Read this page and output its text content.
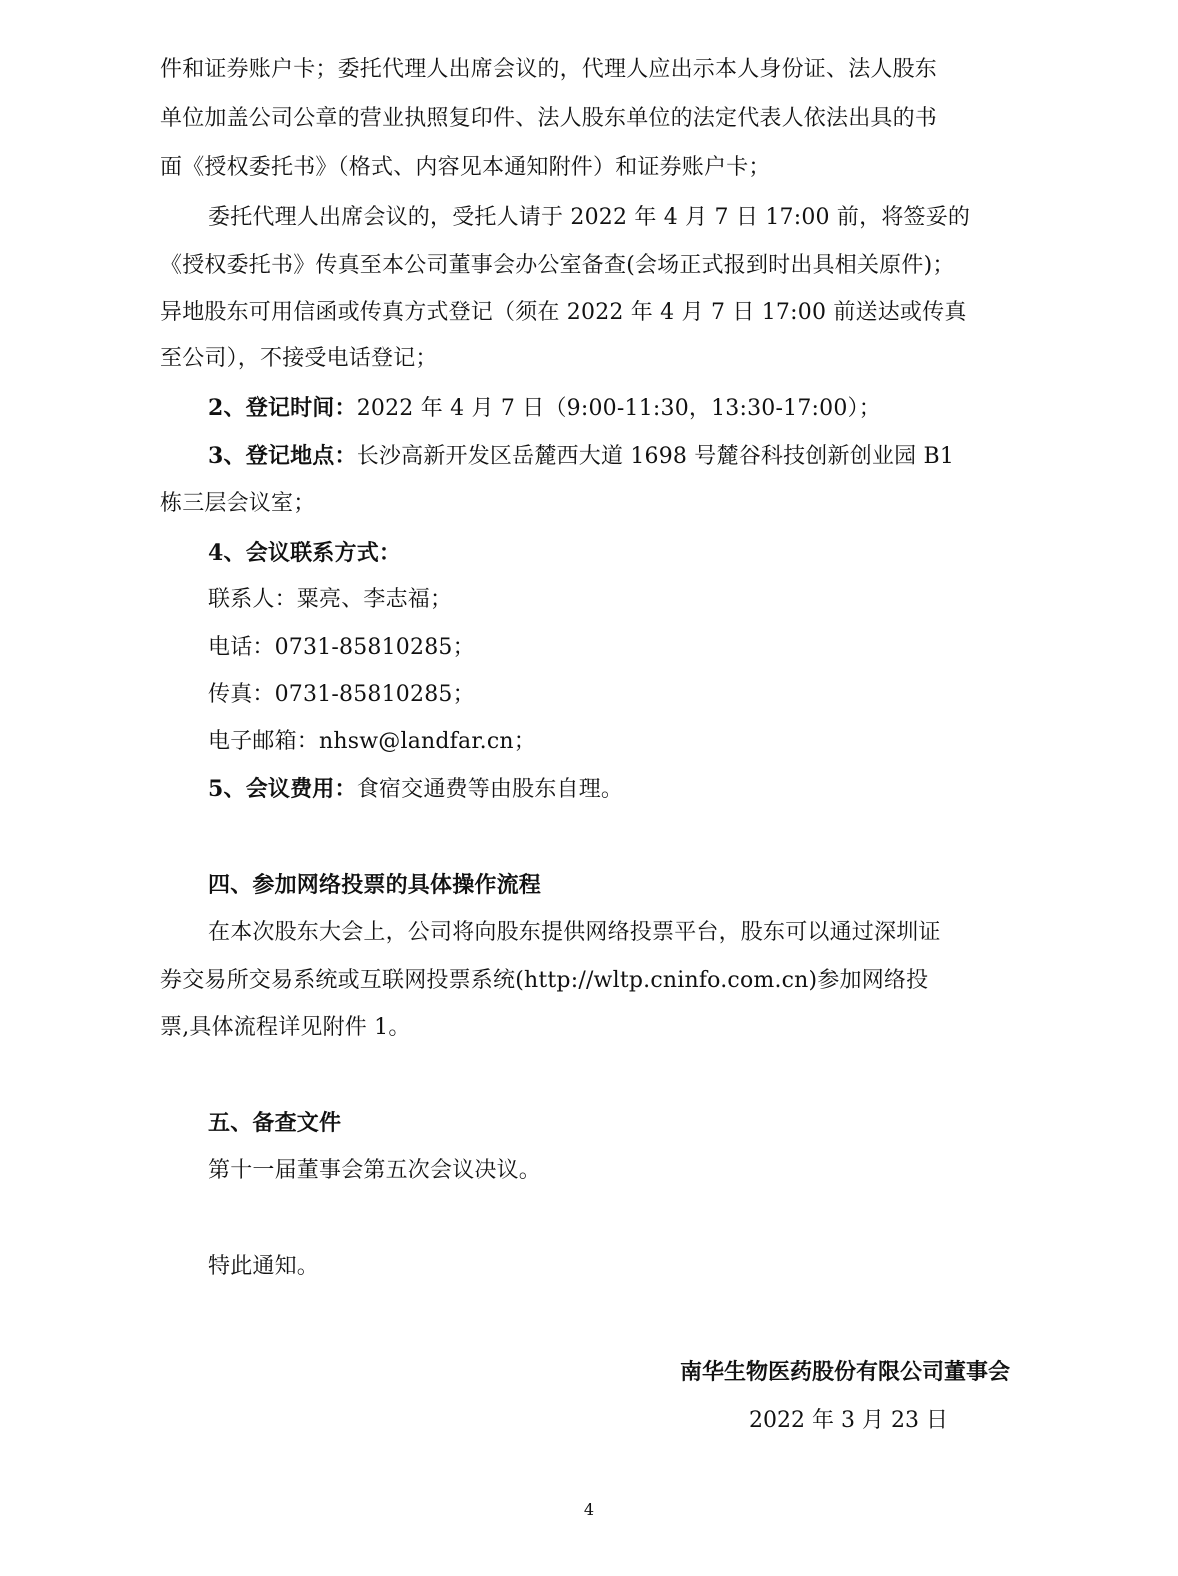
件和证券账户卡；委托代理人出席会议的，代理人应出示本人身份证、法人股东
单位加盖公司公章的营业执照复印件、法人股东单位的法定代表人依法出具的书
面《授权委托书》（格式、内容见本通知附件）和证券账户卡；
委托代理人出席会议的，受托人请于 2022 年 4 月 7 日 17:00 前，将签妥的
《授权委托书》传真至本公司董事会办公室备查(会场正式报到时出具相关原件)；
异地股东可用信函或传真方式登记（须在 2022 年 4 月 7 日 17:00 前送达或传真
至公司），不接受电话登记；
2、登记时间：2022 年 4 月 7 日（9:00-11:30，13:30-17:00）；
3、登记地点：长沙高新开发区岳麓西大道 1698 号麓谷科技创新创业园 B1
栋三层会议室；
4、会议联系方式：
联系人：粟亮、李志福；
电话：0731-85810285；
传真：0731-85810285；
电子邮箱：nhsw@landfar.cn；
5、会议费用：食宿交通费等由股东自理。
四、参加网络投票的具体操作流程
在本次股东大会上，公司将向股东提供网络投票平台，股东可以通过深圳证
券交易所交易系统或互联网投票系统(http://wltp.cninfo.com.cn)参加网络投
票,具体流程详见附件 1。
五、备查文件
第十一届董事会第五次会议决议。
特此通知。
南华生物医药股份有限公司董事会
2022 年 3 月 23 日
4
